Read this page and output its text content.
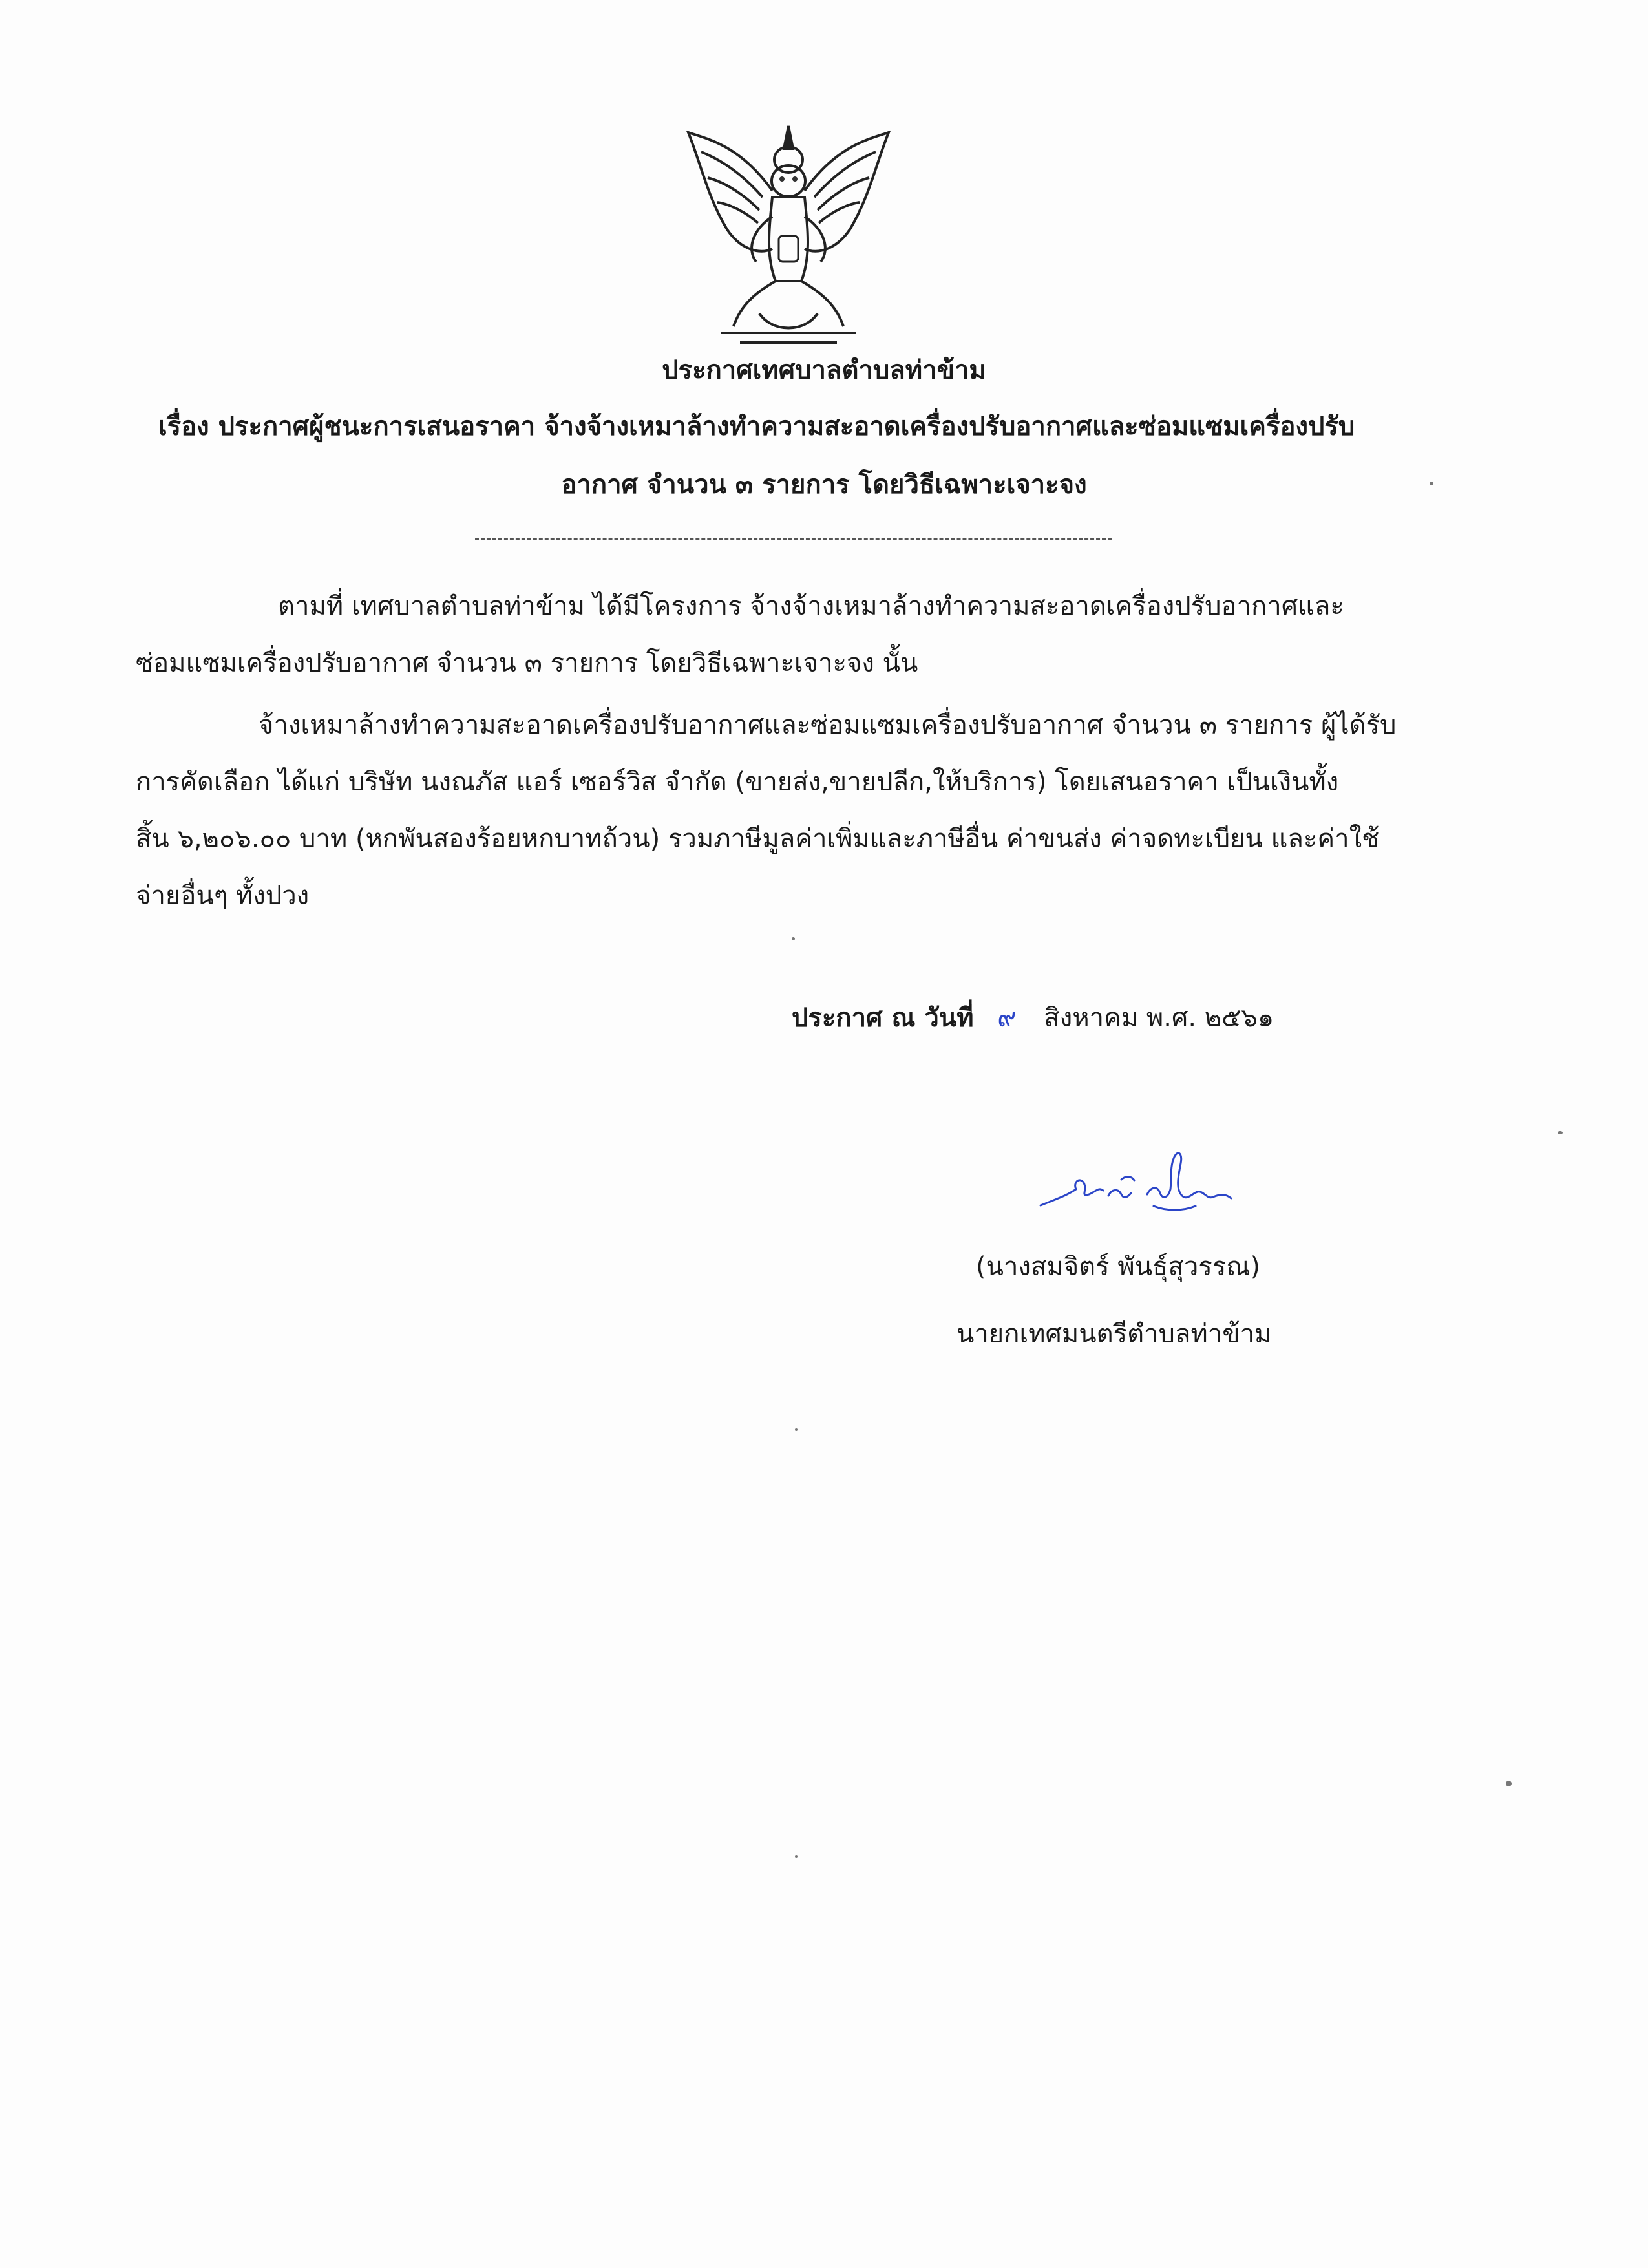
ประกาศเทศบาลตำบลท่าข้าม
เรื่อง ประกาศผู้ชนะการเสนอราคา จ้างจ้างเหมาล้างทำความสะอาดเครื่องปรับอากาศและซ่อมแซมเครื่องปรับ
อากาศ จำนวน ๓ รายการ โดยวิธีเฉพาะเจาะจง
ตามที่ เทศบาลตำบลท่าข้าม ได้มีโครงการ จ้างจ้างเหมาล้างทำความสะอาดเครื่องปรับอากาศและ
ซ่อมแซมเครื่องปรับอากาศ จำนวน ๓ รายการ โดยวิธีเฉพาะเจาะจง นั้น
จ้างเหมาล้างทำความสะอาดเครื่องปรับอากาศและซ่อมแซมเครื่องปรับอากาศ จำนวน ๓ รายการ ผู้ได้รับ
การคัดเลือก ได้แก่ บริษัท นงณภัส แอร์ เซอร์วิส จำกัด (ขายส่ง,ขายปลีก,ให้บริการ) โดยเสนอราคา เป็นเงินทั้ง
สิ้น ๖,๒๐๖.๐๐ บาท (หกพันสองร้อยหกบาทถ้วน) รวมภาษีมูลค่าเพิ่มและภาษีอื่น ค่าขนส่ง ค่าจดทะเบียน และค่าใช้
จ่ายอื่นๆ ทั้งปวง
ประกาศ ณ วันที่ ๙ สิงหาคม พ.ศ. ๒๕๖๑
(นางสมจิตร์ พันธุ์สุวรรณ)
นายกเทศมนตรีตำบลท่าข้าม
